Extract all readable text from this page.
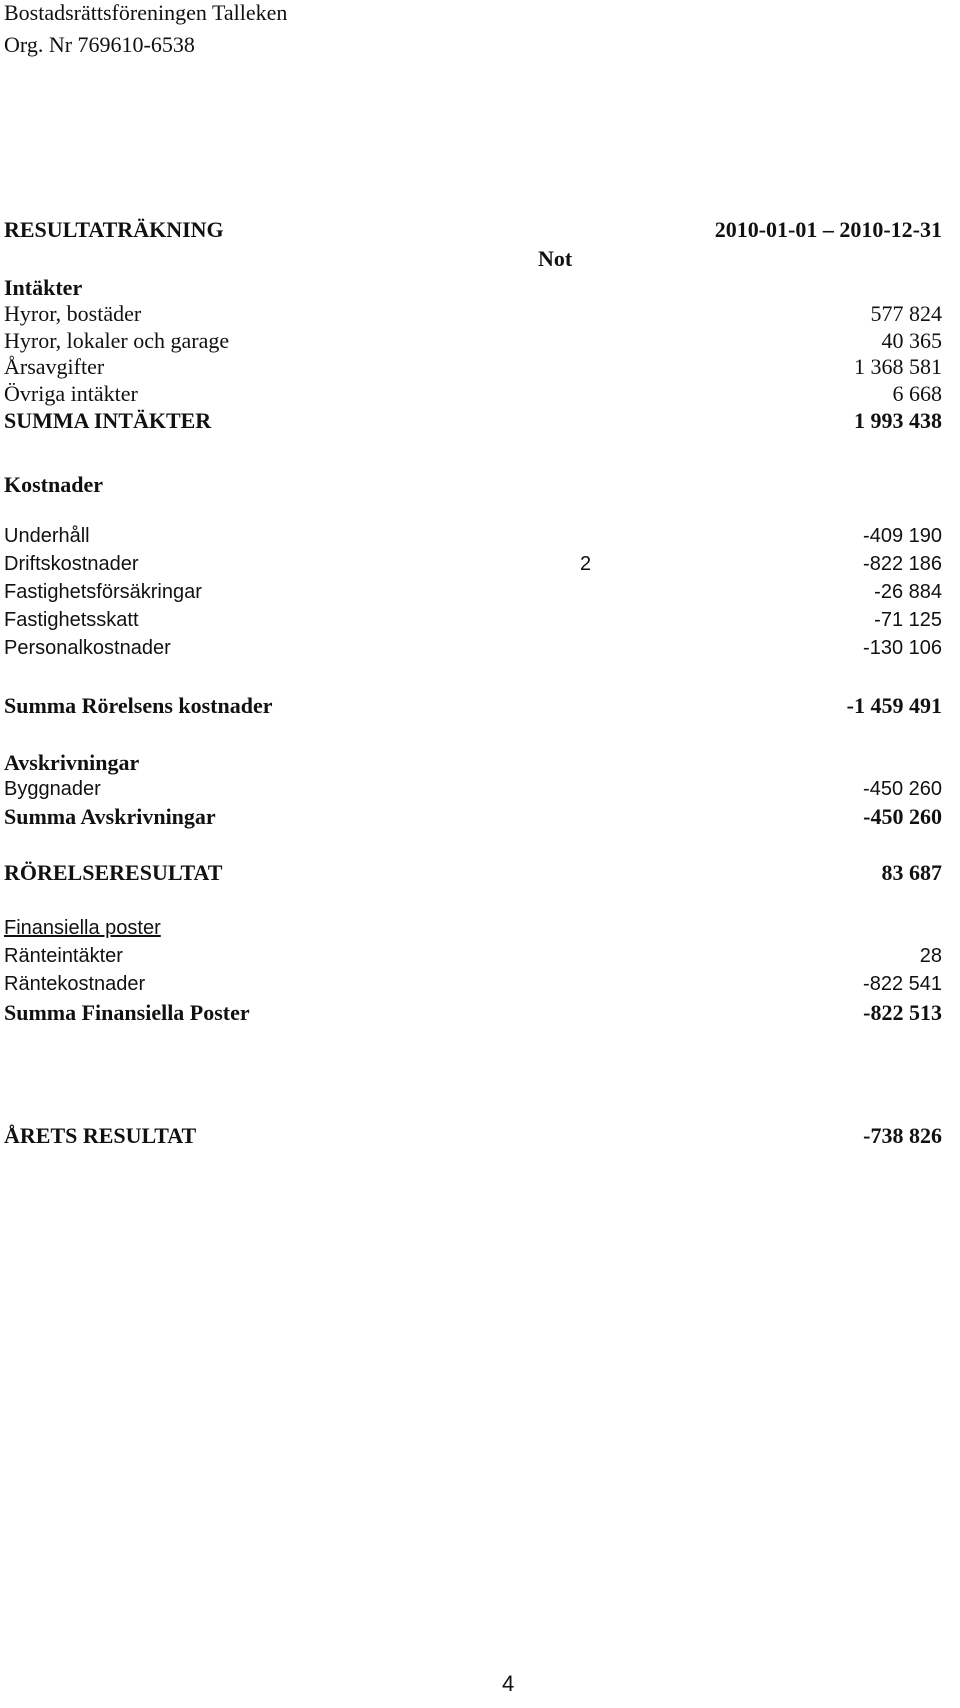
Bostadsrättsföreningen Talleken
Org. Nr 769610-6538
RESULTATRÄKNING	2010-01-01 – 2010-12-31
Not
Intäkter
Hyror, bostäder	577 824
Hyror, lokaler och garage	40 365
Årsavgifter	1 368 581
Övriga intäkter	6 668
SUMMA INTÄKTER	1 993 438
Kostnader
Underhåll	-409 190
Driftskostnader	2	-822 186
Fastighetsförsäkringar	-26 884
Fastighetsskatt	-71 125
Personalkostnader	-130 106
Summa Rörelsens kostnader	-1 459 491
Avskrivningar
Byggnader	-450 260
Summa Avskrivningar	-450 260
RÖRELSERESULTAT	83 687
Finansiella poster
Ränteintäkter	28
Räntekostnader	-822 541
Summa Finansiella Poster	-822 513
ÅRETS RESULTAT	-738 826
4
